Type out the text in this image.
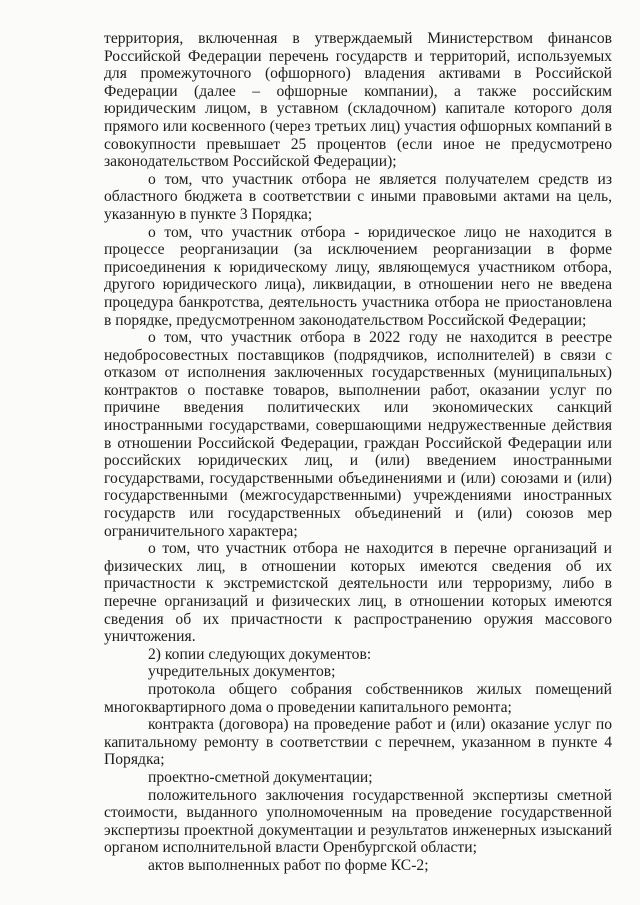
территория, включенная в утверждаемый Министерством финансов Российской Федерации перечень государств и территорий, используемых для промежуточного (офшорного) владения активами в Российской Федерации (далее – офшорные компании), а также российским юридическим лицом, в уставном (складочном) капитале которого доля прямого или косвенного (через третьих лиц) участия офшорных компаний в совокупности превышает 25 процентов (если иное не предусмотрено законодательством Российской Федерации);

о том, что участник отбора не является получателем средств из областного бюджета в соответствии с иными правовыми актами на цель, указанную в пункте 3 Порядка;

о том, что участник отбора - юридическое лицо не находится в процессе реорганизации (за исключением реорганизации в форме присоединения к юридическому лицу, являющемуся участником отбора, другого юридического лица), ликвидации, в отношении него не введена процедура банкротства, деятельность участника отбора не приостановлена в порядке, предусмотренном законодательством Российской Федерации;

о том, что участник отбора в 2022 году не находится в реестре недобросовестных поставщиков (подрядчиков, исполнителей) в связи с отказом от исполнения заключенных государственных (муниципальных) контрактов о поставке товаров, выполнении работ, оказании услуг по причине введения политических или экономических санкций иностранными государствами, совершающими недружественные действия в отношении Российской Федерации, граждан Российской Федерации или российских юридических лиц, и (или) введением иностранными государствами, государственными объединениями и (или) союзами и (или) государственными (межгосударственными) учреждениями иностранных государств или государственных объединений и (или) союзов мер ограничительного характера;

о том, что участник отбора не находится в перечне организаций и физических лиц, в отношении которых имеются сведения об их причастности к экстремистской деятельности или терроризму, либо в перечне организаций и физических лиц, в отношении которых имеются сведения об их причастности к распространению оружия массового уничтожения.

2) копии следующих документов:

учредительных документов;

протокола общего собрания собственников жилых помещений многоквартирного дома о проведении капитального ремонта;

контракта (договора) на проведение работ и (или) оказание услуг по капитальному ремонту в соответствии с перечнем, указанном в пункте 4 Порядка;

проектно-сметной документации;

положительного заключения государственной экспертизы сметной стоимости, выданного уполномоченным на проведение государственной экспертизы проектной документации и результатов инженерных изысканий органом исполнительной власти Оренбургской области;

актов выполненных работ по форме КС-2;
